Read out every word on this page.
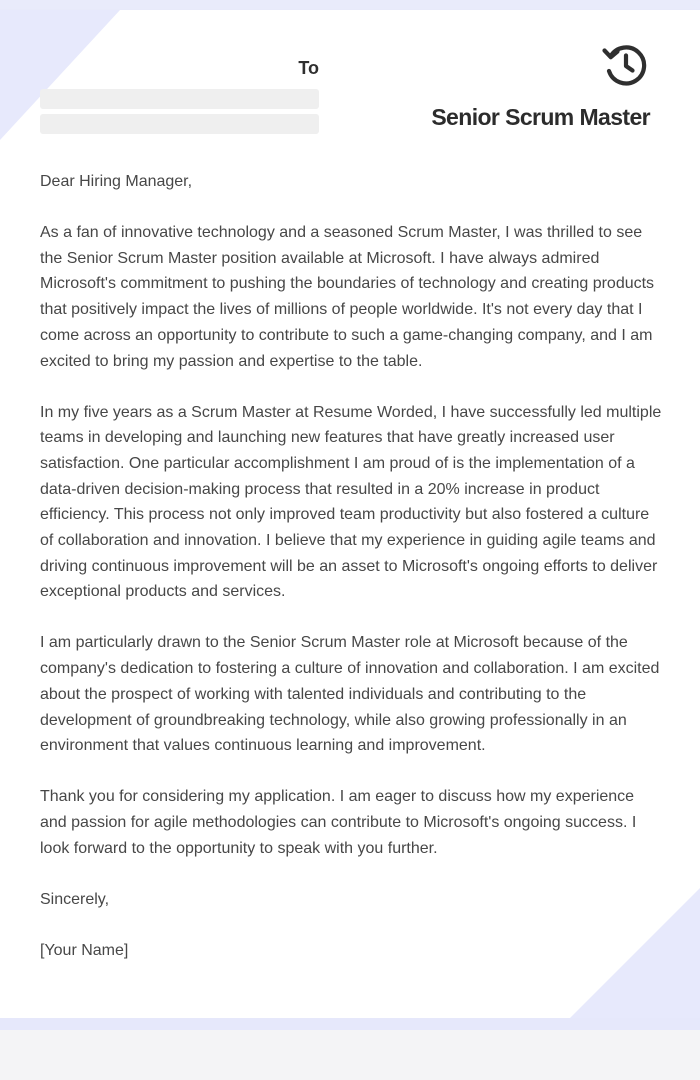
To
Senior Scrum Master

Dear Hiring Manager,

As a fan of innovative technology and a seasoned Scrum Master, I was thrilled to see the Senior Scrum Master position available at Microsoft. I have always admired Microsoft's commitment to pushing the boundaries of technology and creating products that positively impact the lives of millions of people worldwide. It's not every day that I come across an opportunity to contribute to such a game-changing company, and I am excited to bring my passion and expertise to the table.

In my five years as a Scrum Master at Resume Worded, I have successfully led multiple teams in developing and launching new features that have greatly increased user satisfaction. One particular accomplishment I am proud of is the implementation of a data-driven decision-making process that resulted in a 20% increase in product efficiency. This process not only improved team productivity but also fostered a culture of collaboration and innovation. I believe that my experience in guiding agile teams and driving continuous improvement will be an asset to Microsoft's ongoing efforts to deliver exceptional products and services.

I am particularly drawn to the Senior Scrum Master role at Microsoft because of the company's dedication to fostering a culture of innovation and collaboration. I am excited about the prospect of working with talented individuals and contributing to the development of groundbreaking technology, while also growing professionally in an environment that values continuous learning and improvement.

Thank you for considering my application. I am eager to discuss how my experience and passion for agile methodologies can contribute to Microsoft's ongoing success. I look forward to the opportunity to speak with you further.

Sincerely,

[Your Name]
